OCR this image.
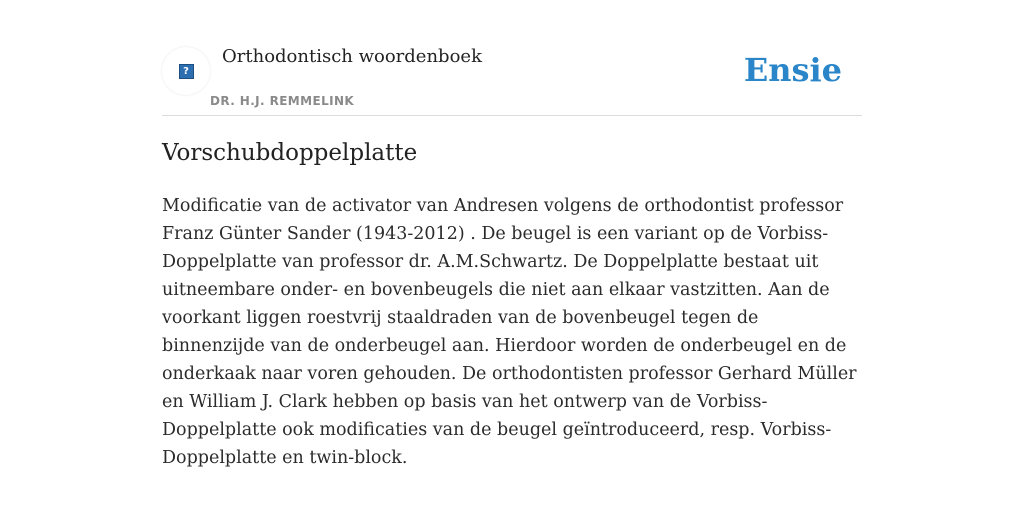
?
Orthodontisch woordenboek
DR. H.J. REMMELINK
Ensie
Vorschubdoppelplatte

Modificatie van de activator van Andresen volgens de orthodontist professor Franz Günter Sander (1943-2012) . De beugel is een variant op de Vorbiss-Doppelplatte van professor dr. A.M.Schwartz. De Doppelplatte bestaat uit uitneembare onder- en bovenbeugels die niet aan elkaar vastzitten. Aan de voorkant liggen roestvrij staaldraden van de bovenbeugel tegen de binnenzijde van de onderbeugel aan. Hierdoor worden de onderbeugel en de onderkaak naar voren gehouden. De orthodontisten professor Gerhard Müller en William J. Clark hebben op basis van het ontwerp van de Vorbiss-Doppelplatte ook modificaties van de beugel geïntroduceerd, resp. Vorbiss-Doppelplatte en twin-block.
